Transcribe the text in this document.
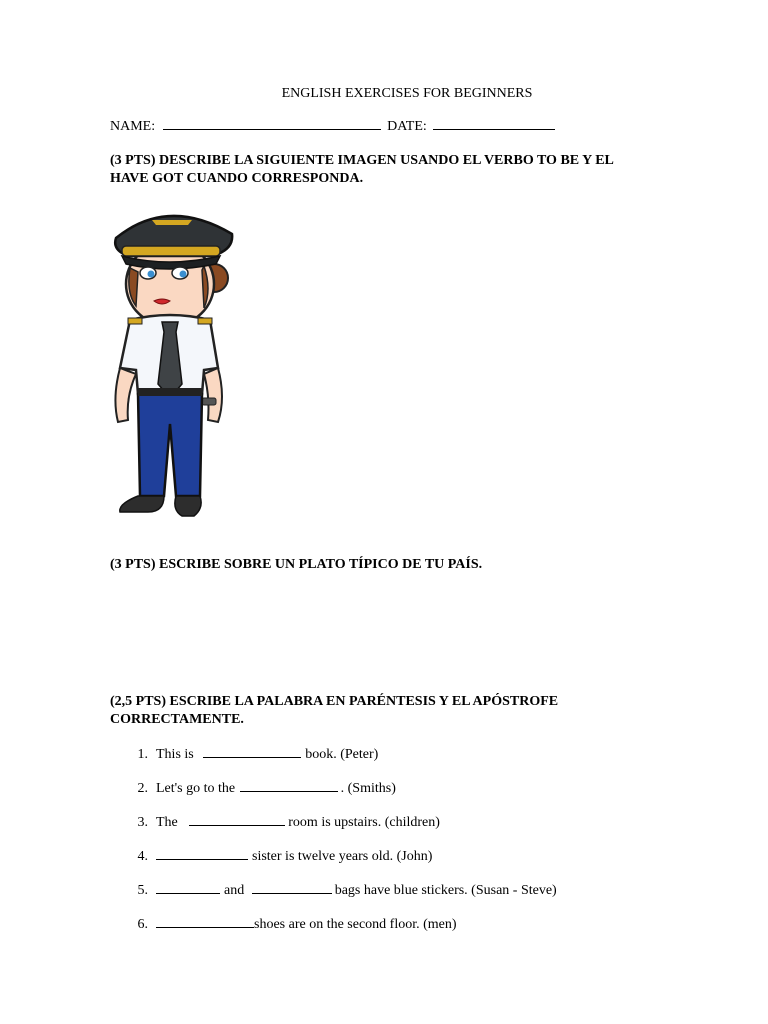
ENGLISH EXERCISES FOR BEGINNERS
NAME:	DATE:
(3 PTS) DESCRIBE LA SIGUIENTE IMAGEN USANDO EL VERBO TO BE Y EL
HAVE GOT CUANDO CORRESPONDA.
(3 PTS) ESCRIBE SOBRE UN PLATO TÍPICO DE TU PAÍS.
(2,5 PTS) ESCRIBE LA PALABRA EN PARÉNTESIS Y EL APÓSTROFE
CORRECTAMENTE.
1. This is	book. (Peter)
2. Let's go to the	. (Smiths)
3. The	room is upstairs. (children)
4.	sister is twelve years old. (John)
5.	and	bags have blue stickers. (Susan - Steve)
6.	shoes are on the second floor. (men)
